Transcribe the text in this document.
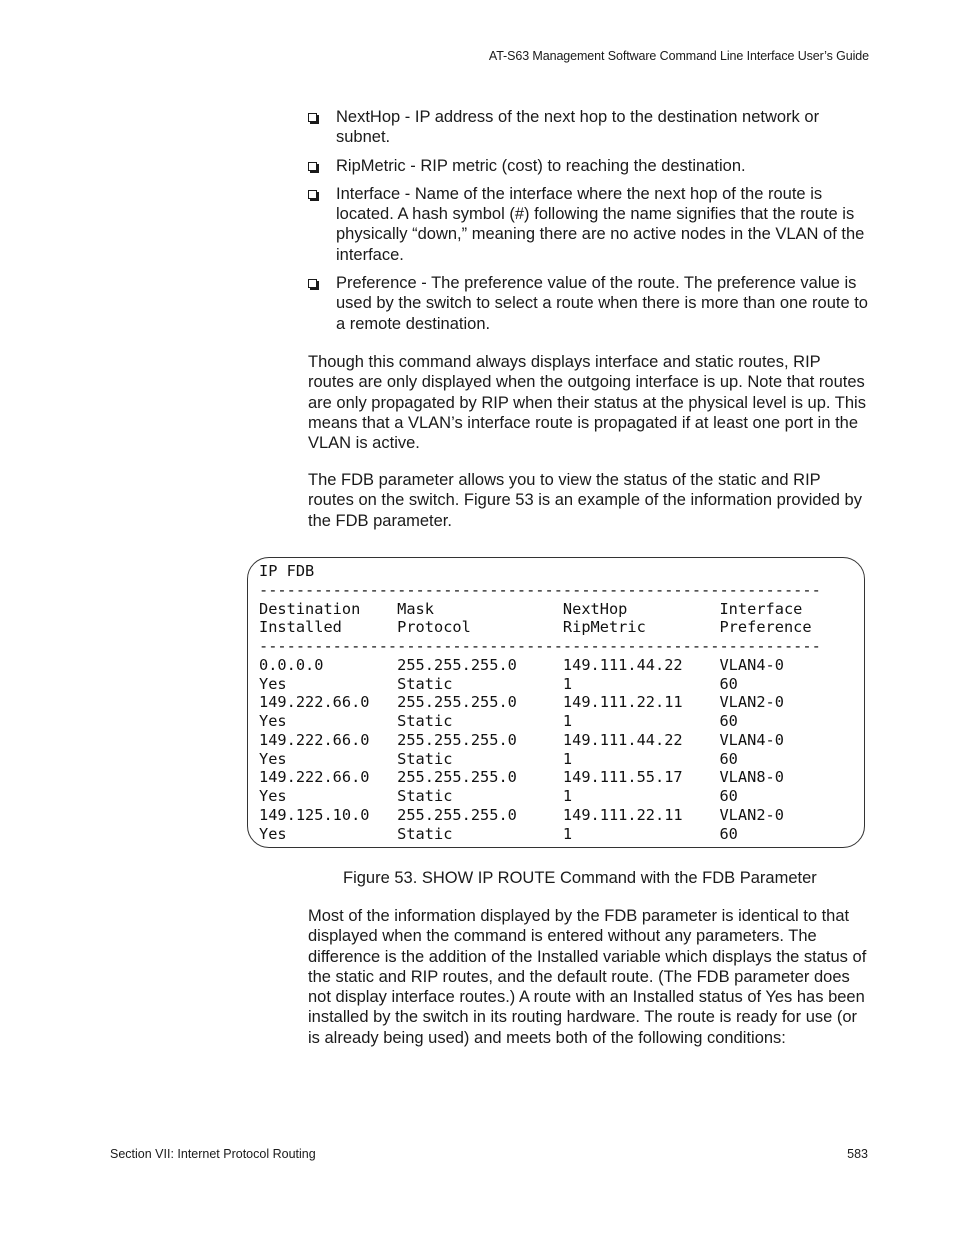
AT-S63 Management Software Command Line Interface User’s Guide
NextHop - IP address of the next hop to the destination network or subnet.
RipMetric - RIP metric (cost) to reaching the destination.
Interface - Name of the interface where the next hop of the route is located. A hash symbol (#) following the name signifies that the route is physically “down,” meaning there are no active nodes in the VLAN of the interface.
Preference - The preference value of the route. The preference value is used by the switch to select a route when there is more than one route to a remote destination.

Though this command always displays interface and static routes, RIP routes are only displayed when the outgoing interface is up. Note that routes are only propagated by RIP when their status at the physical level is up. This means that a VLAN’s interface route is propagated if at least one port in the VLAN is active.

The FDB parameter allows you to view the status of the static and RIP routes on the switch. Figure 53 is an example of the information provided by the FDB parameter.

IP FDB
-------------------------------------------------------------
Destination    Mask              NextHop          Interface
Installed      Protocol          RipMetric        Preference
-------------------------------------------------------------
0.0.0.0        255.255.255.0     149.111.44.22    VLAN4-0
Yes            Static            1                60
149.222.66.0   255.255.255.0     149.111.22.11    VLAN2-0
Yes            Static            1                60
149.222.66.0   255.255.255.0     149.111.44.22    VLAN4-0
Yes            Static            1                60
149.222.66.0   255.255.255.0     149.111.55.17    VLAN8-0
Yes            Static            1                60
149.125.10.0   255.255.255.0     149.111.22.11    VLAN2-0
Yes            Static            1                60
Figure 53. SHOW IP ROUTE Command with the FDB Parameter

Most of the information displayed by the FDB parameter is identical to that displayed when the command is entered without any parameters. The difference is the addition of the Installed variable which displays the status of the static and RIP routes, and the default route. (The FDB parameter does not display interface routes.) A route with an Installed status of Yes has been installed by the switch in its routing hardware. The route is ready for use (or is already being used) and meets both of the following conditions:

Section VII: Internet Protocol Routing	583
